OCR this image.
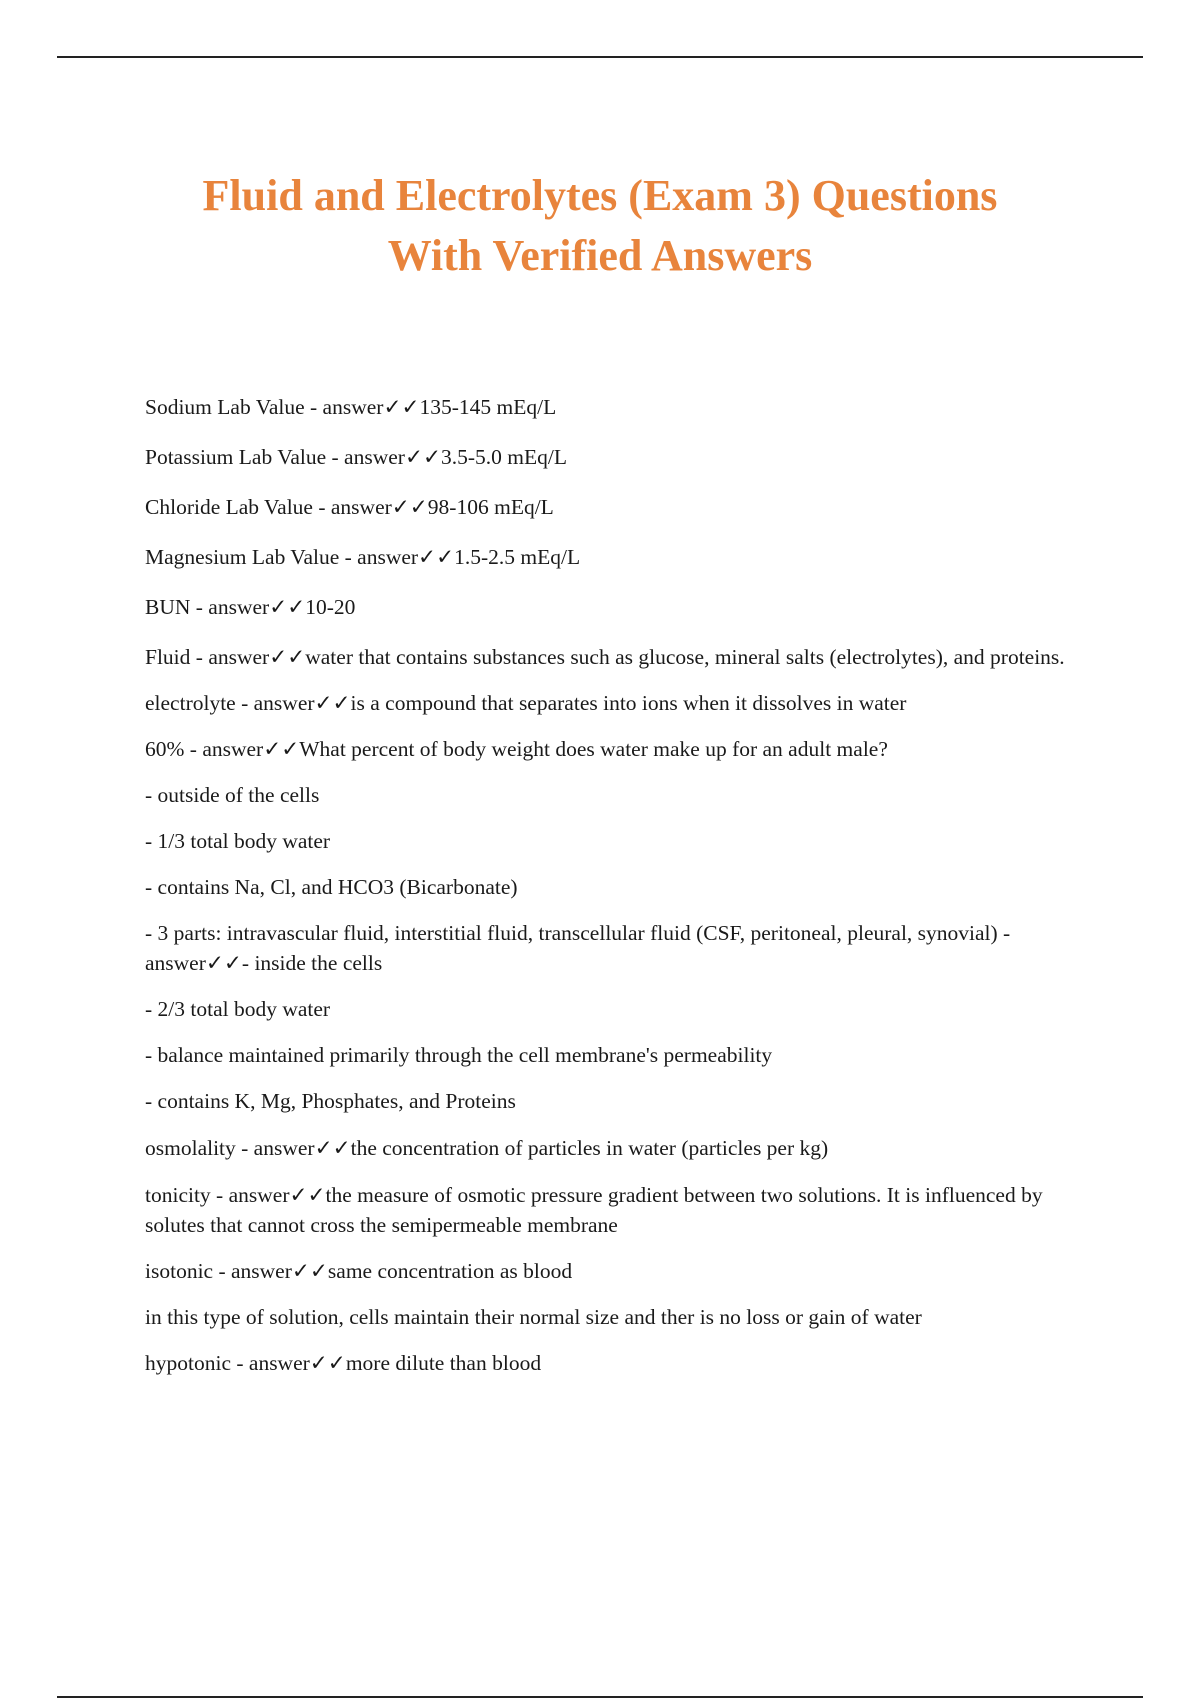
Fluid and Electrolytes (Exam 3) Questions
With Verified Answers

Sodium Lab Value - answer✓✓135-145 mEq/L

Potassium Lab Value - answer✓✓3.5-5.0 mEq/L

Chloride Lab Value - answer✓✓98-106 mEq/L

Magnesium Lab Value - answer✓✓1.5-2.5 mEq/L

BUN - answer✓✓10-20

Fluid - answer✓✓water that contains substances such as glucose, mineral salts (electrolytes), and proteins.

electrolyte - answer✓✓is a compound that separates into ions when it dissolves in water

60% - answer✓✓What percent of body weight does water make up for an adult male?

- outside of the cells

- 1/3 total body water

- contains Na, Cl, and HCO3 (Bicarbonate)

- 3 parts: intravascular fluid, interstitial fluid, transcellular fluid (CSF, peritoneal, pleural, synovial) - answer✓✓- inside the cells

- 2/3 total body water

- balance maintained primarily through the cell membrane's permeability

- contains K, Mg, Phosphates, and Proteins

osmolality - answer✓✓the concentration of particles in water (particles per kg)

tonicity - answer✓✓the measure of osmotic pressure gradient between two solutions. It is influenced by solutes that cannot cross the semipermeable membrane

isotonic - answer✓✓same concentration as blood

in this type of solution, cells maintain their normal size and ther is no loss or gain of water

hypotonic - answer✓✓more dilute than blood
